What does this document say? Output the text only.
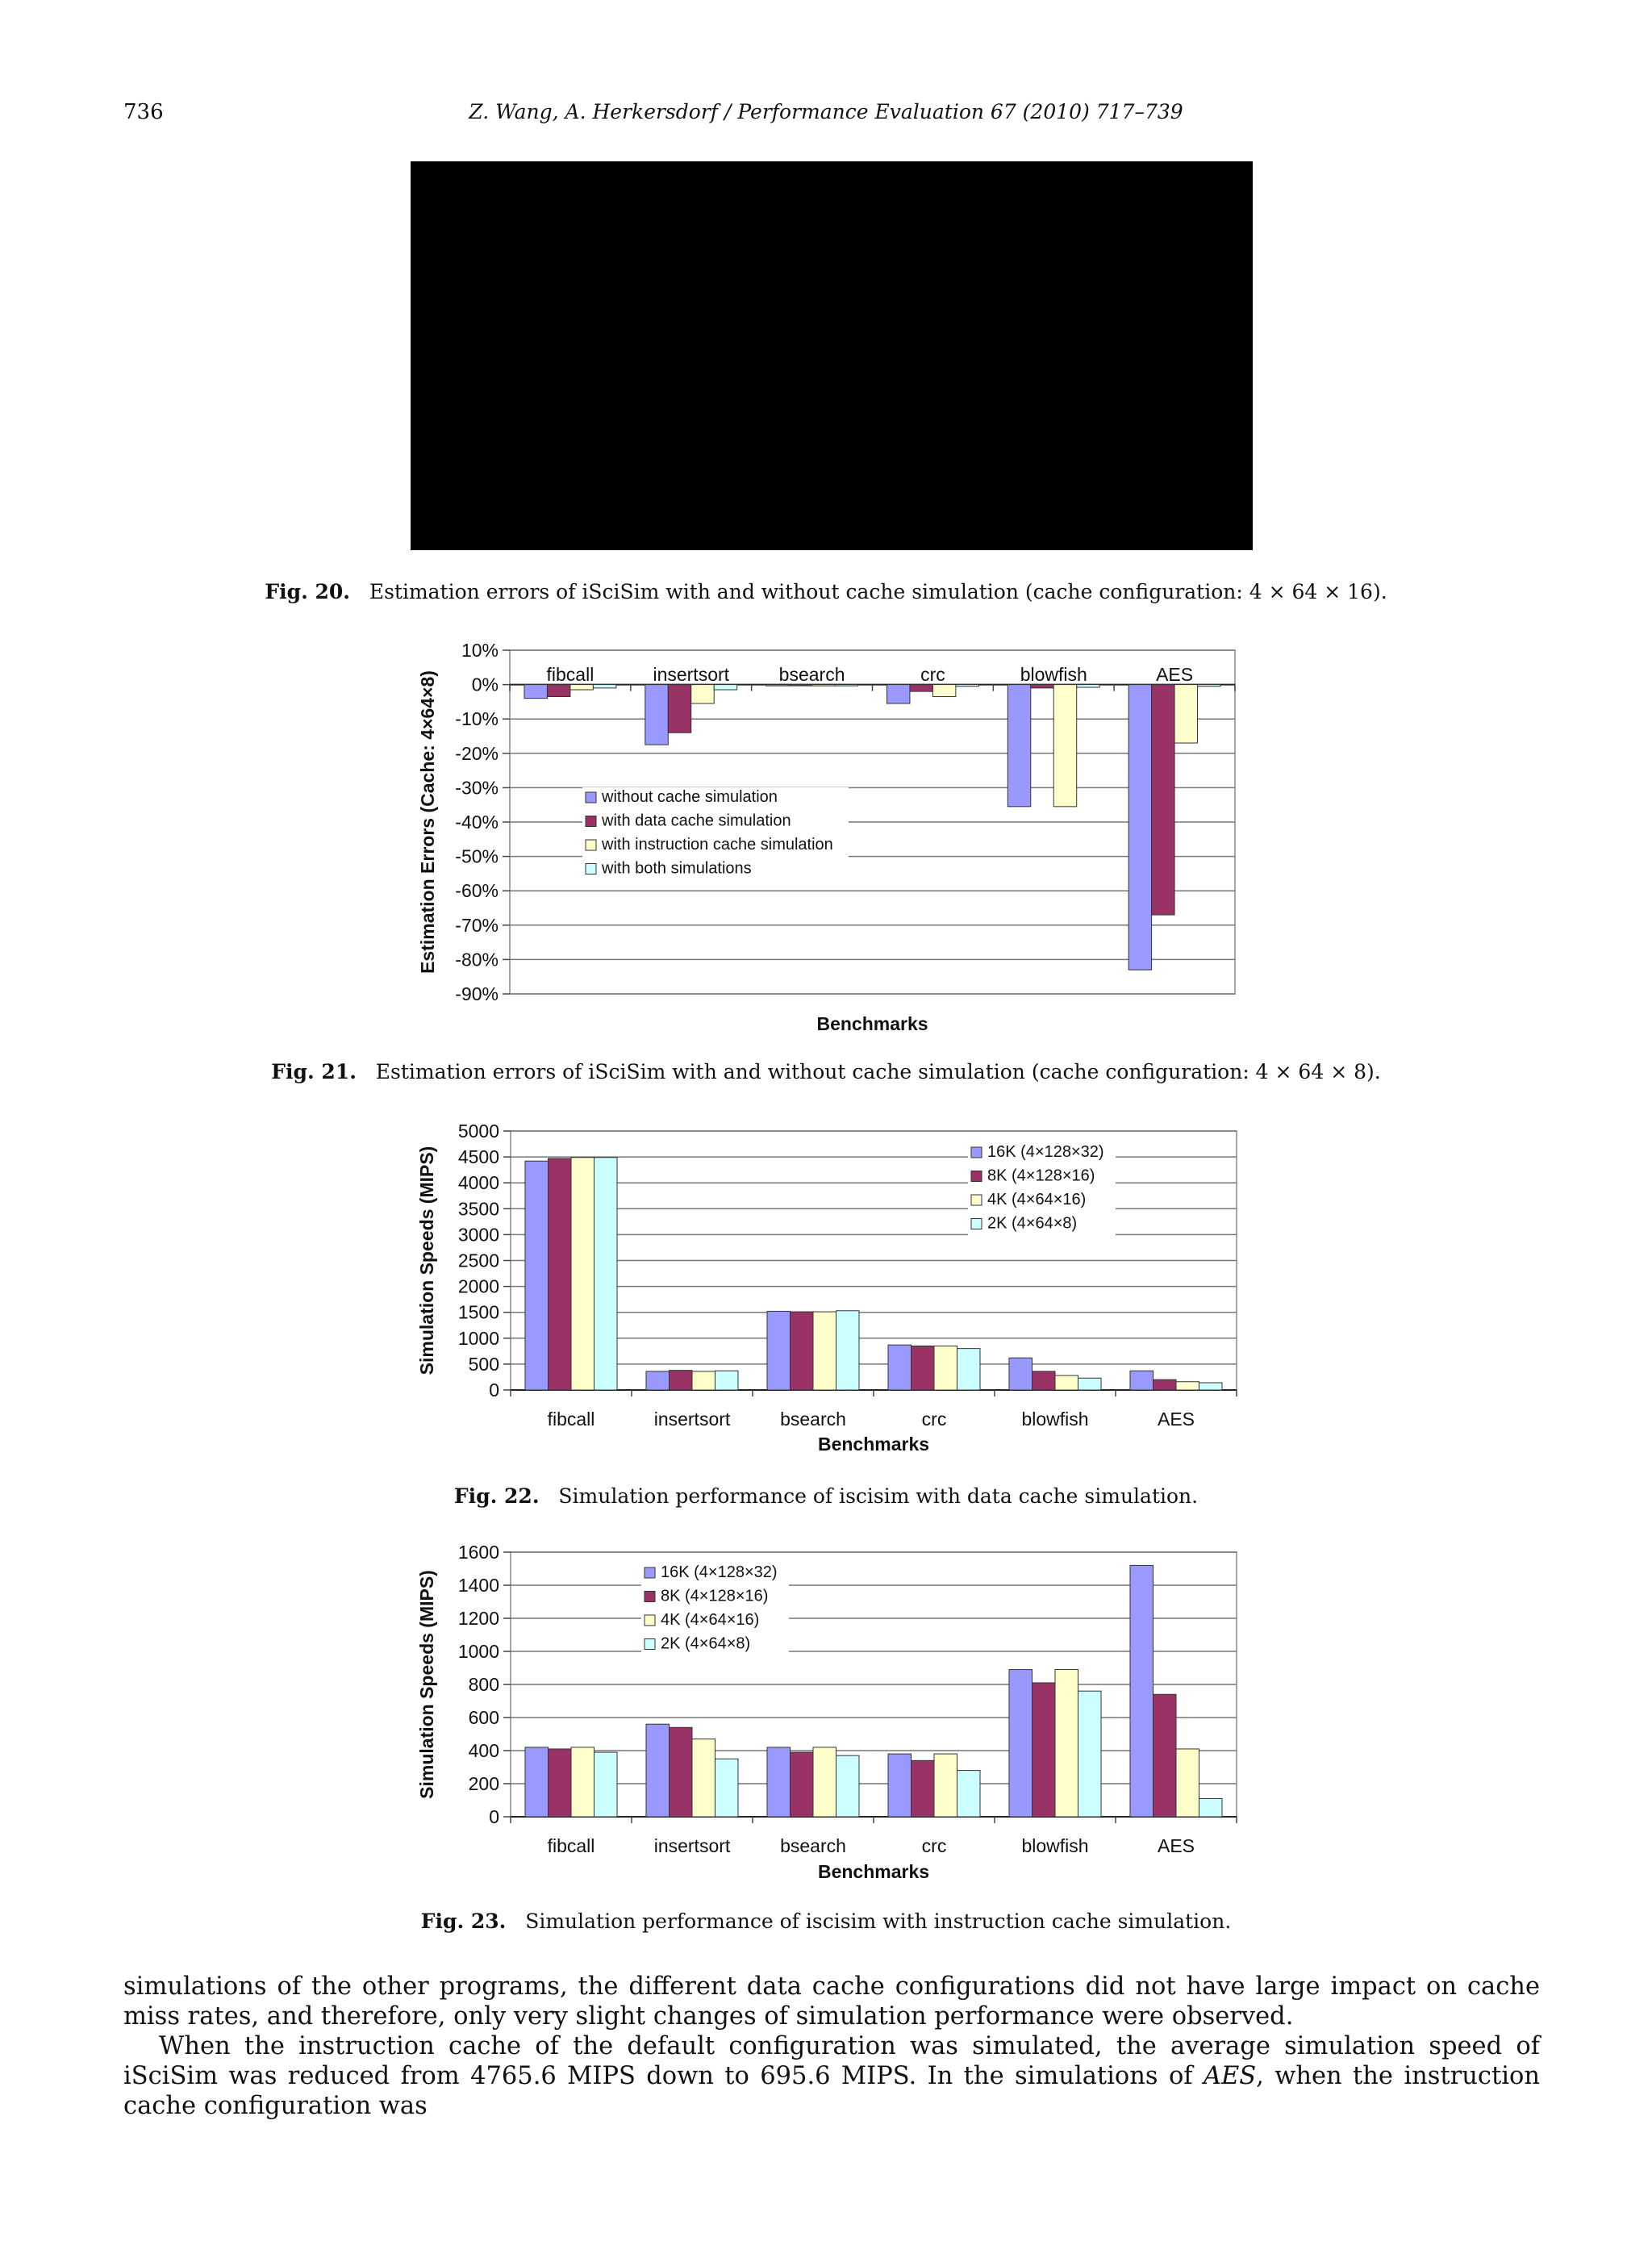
736	Z. Wang, A. Herkersdorf / Performance Evaluation 67 (2010) 717–739
Fig. 20. Estimation errors of iSciSim with and without cache simulation (cache configuration: 4 × 64 × 16).
10%
0%
-10%
-20%
-30%
-40%
-50%
-60%
-70%
-80%
-90%
fibcall	insertsort	bsearch	crc	blowfish	AES
Benchmarks
Estimation Errors (Cache: 4×64×8)	without cache simulation
with data cache simulation
with instruction cache simulation
with both simulations
Fig. 21. Estimation errors of iSciSim with and without cache simulation (cache configuration: 4 × 64 × 8).
5000
4500
4000
3500
3000
2500
2000
1500
1000
500
0
fibcall	insertsort	bsearch	crc	blowfish	AES
Benchmarks
Simulation Speeds (MIPS)	16K (4×128×32)
8K (4×128×16)
4K (4×64×16)
2K (4×64×8)
Fig. 22. Simulation performance of iscisim with data cache simulation.
1600
1400
1200
1000
800
600
400
200
0
fibcall	insertsort	bsearch	crc	blowfish	AES
Benchmarks
Simulation Speeds (MIPS)	16K (4×128×32)
8K (4×128×16)
4K (4×64×16)
2K (4×64×8)
Fig. 23. Simulation performance of iscisim with instruction cache simulation.

simulations of the other programs, the different data cache configurations did not have large impact on cache miss rates, and therefore, only very slight changes of simulation performance were observed.

When the instruction cache of the default configuration was simulated, the average simulation speed of iSciSim was reduced from 4765.6 MIPS down to 695.6 MIPS. In the simulations of AES, when the instruction cache configuration was
